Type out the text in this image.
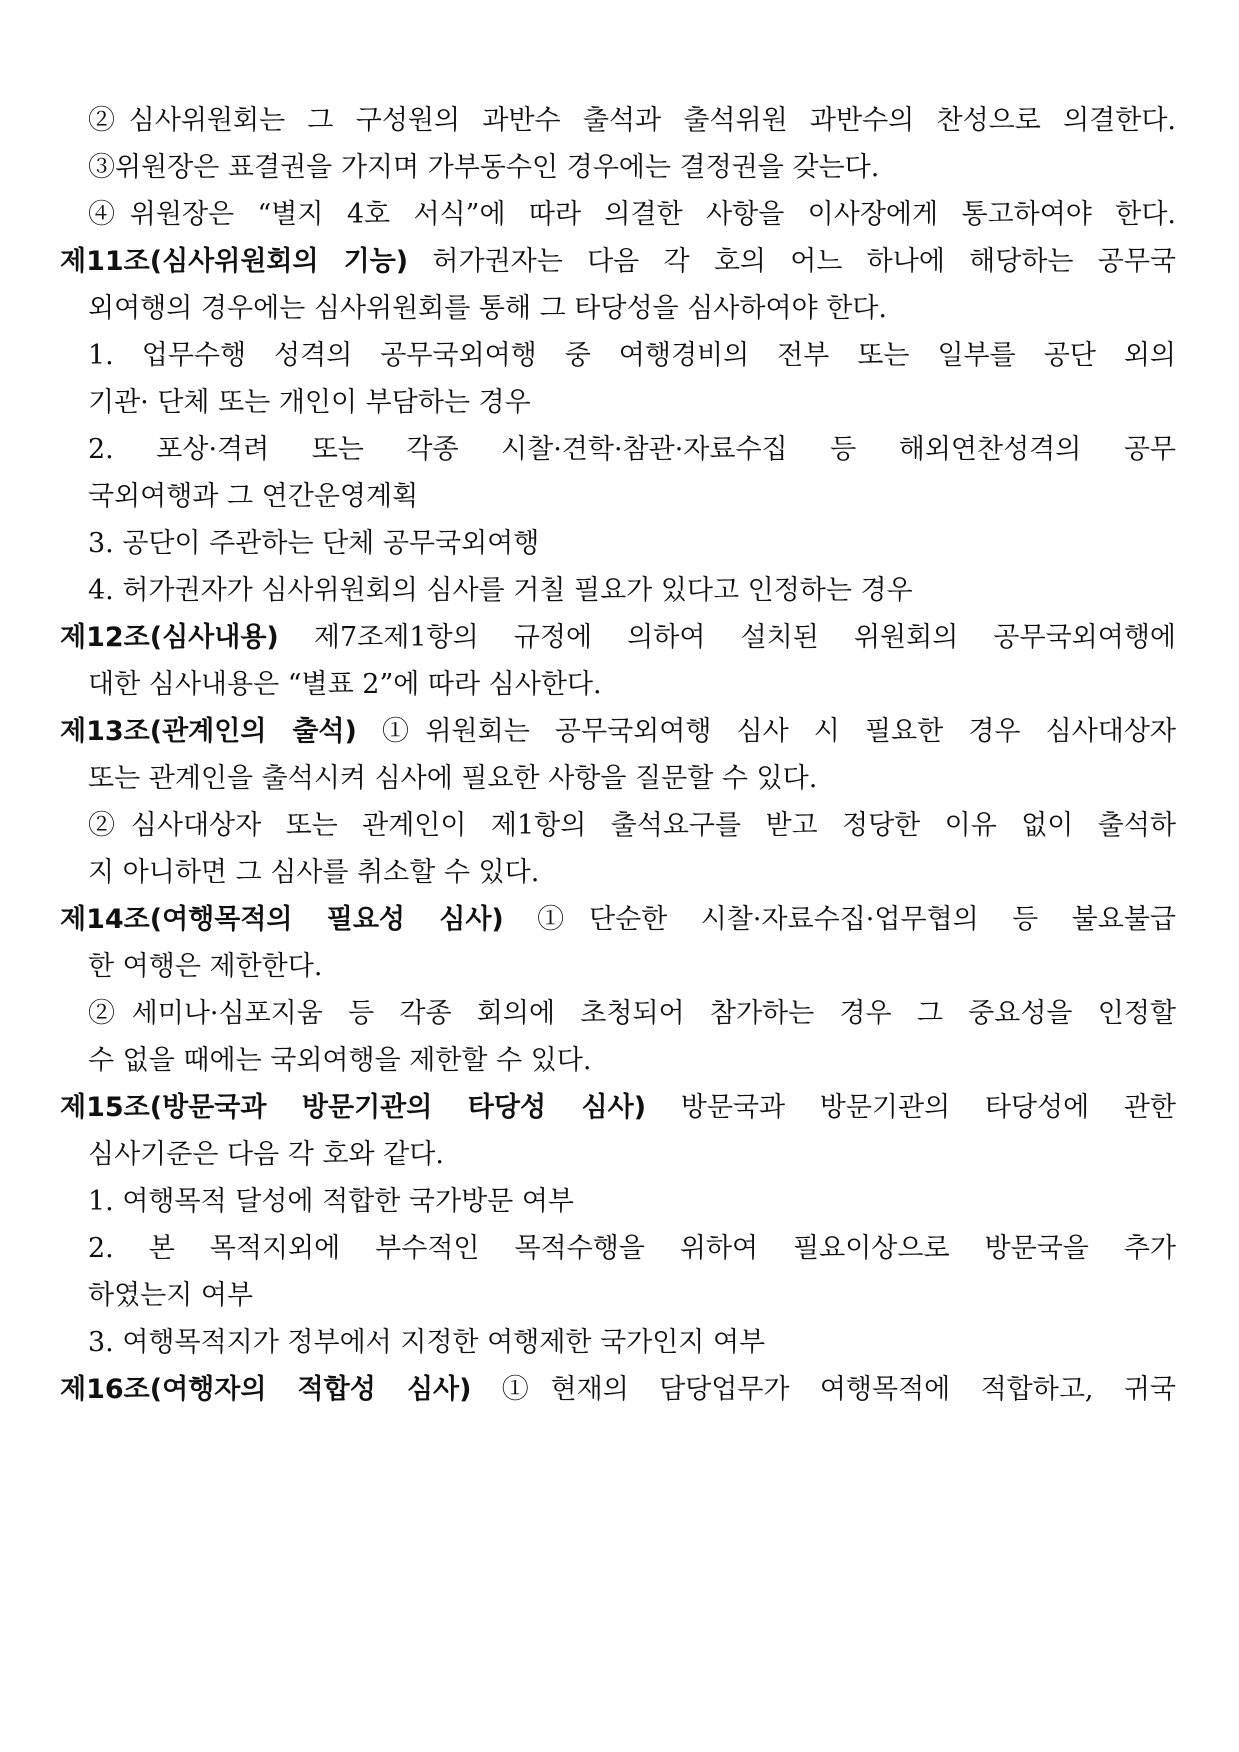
②심사위원회는 그 구성원의 과반수 출석과 출석위원 과반수의 찬성으로 의결한다.

③위원장은 표결권을 가지며 가부동수인 경우에는 결정권을 갖는다.

④위원장은 “별지 4호 서식”에 따라 의결한 사항을 이사장에게 통고하여야 한다.

제11조(심사위원회의 기능) 허가권자는 다음 각 호의 어느 하나에 해당하는 공무국

외여행의 경우에는 심사위원회를 통해 그 타당성을 심사하여야 한다.

1. 업무수행 성격의 공무국외여행 중 여행경비의 전부 또는 일부를 공단 외의

기관· 단체 또는 개인이 부담하는 경우

2. 포상·격려 또는 각종 시찰·견학·참관·자료수집 등 해외연찬성격의 공무

국외여행과 그 연간운영계획

3. 공단이 주관하는 단체 공무국외여행

4. 허가권자가 심사위원회의 심사를 거칠 필요가 있다고 인정하는 경우

제12조(심사내용) 제7조제1항의 규정에 의하여 설치된 위원회의 공무국외여행에

대한 심사내용은 “별표 2”에 따라 심사한다.

제13조(관계인의 출석) ①위원회는 공무국외여행 심사 시 필요한 경우 심사대상자

또는 관계인을 출석시켜 심사에 필요한 사항을 질문할 수 있다.

②심사대상자 또는 관계인이 제1항의 출석요구를 받고 정당한 이유 없이 출석하

지 아니하면 그 심사를 취소할 수 있다.

제14조(여행목적의 필요성 심사) ①단순한 시찰·자료수집·업무협의 등 불요불급

한 여행은 제한한다.

②세미나·심포지움 등 각종 회의에 초청되어 참가하는 경우 그 중요성을 인정할

수 없을 때에는 국외여행을 제한할 수 있다.

제15조(방문국과 방문기관의 타당성 심사) 방문국과 방문기관의 타당성에 관한

심사기준은 다음 각 호와 같다.

1. 여행목적 달성에 적합한 국가방문 여부

2. 본 목적지외에 부수적인 목적수행을 위하여 필요이상으로 방문국을 추가

하였는지 여부

3. 여행목적지가 정부에서 지정한 여행제한 국가인지 여부

제16조(여행자의 적합성 심사) ①현재의 담당업무가 여행목적에 적합하고, 귀국
